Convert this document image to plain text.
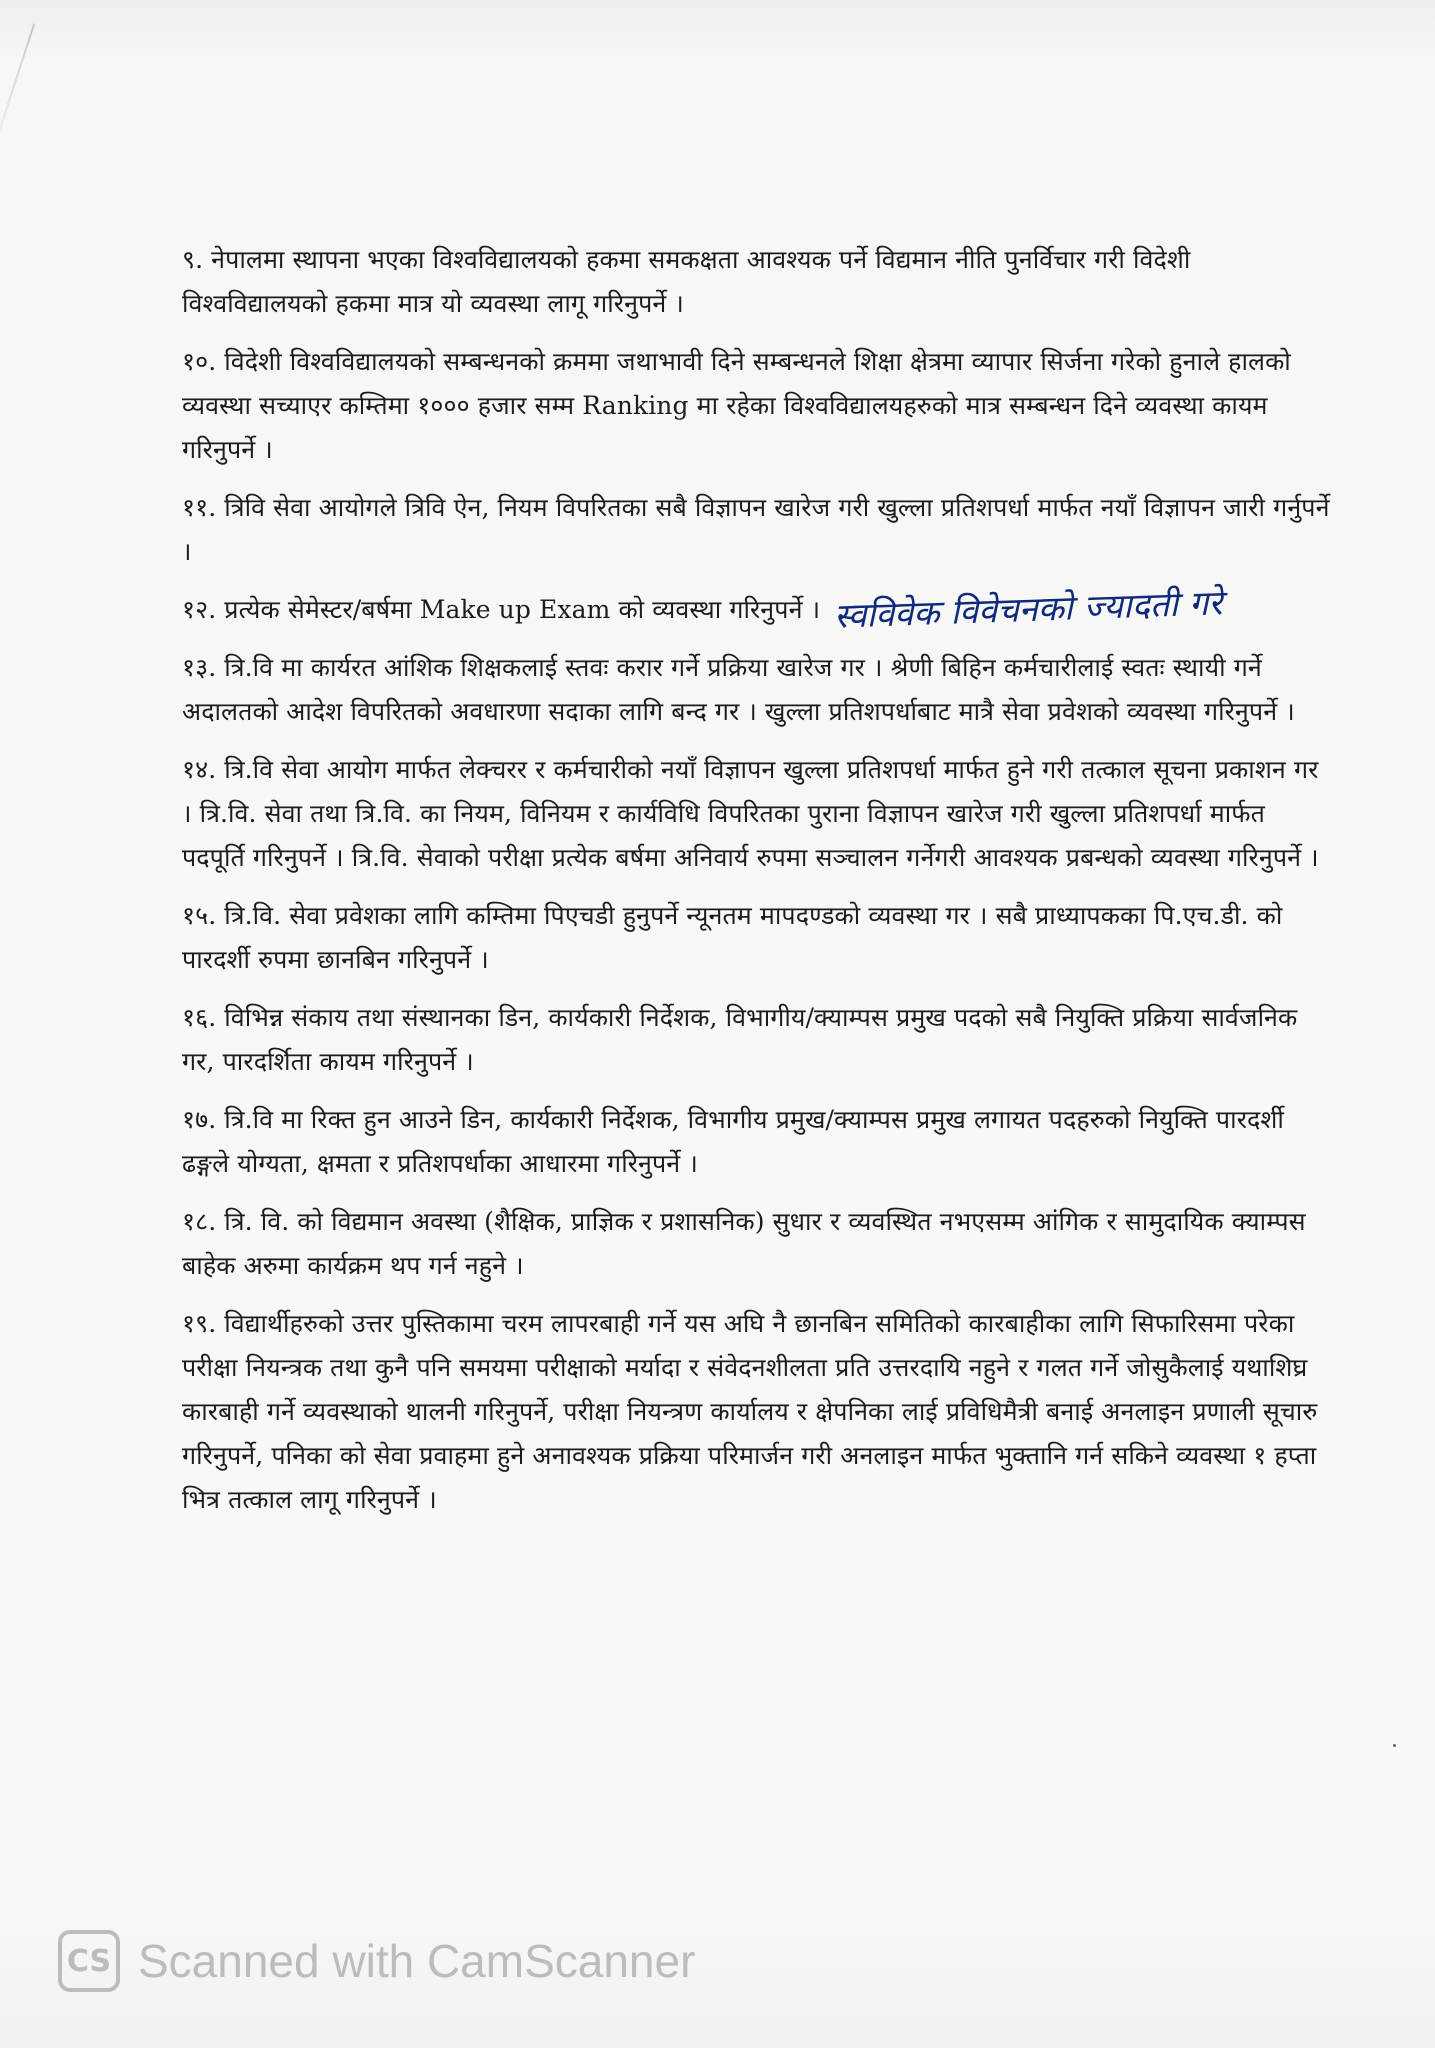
९. नेपालमा स्थापना भएका विश्वविद्यालयको हकमा समकक्षता आवश्यक पर्ने विद्यमान नीति पुनर्विचार गरी विदेशी विश्वविद्यालयको हकमा मात्र यो व्यवस्था लागू गरिनुपर्ने ।

१०. विदेशी विश्वविद्यालयको सम्बन्धनको क्रममा जथाभावी दिने सम्बन्धनले शिक्षा क्षेत्रमा व्यापार सिर्जना गरेको हुनाले हालको व्यवस्था सच्याएर कम्तिमा १००० हजार सम्म Ranking मा रहेका विश्वविद्यालयहरुको मात्र सम्बन्धन दिने व्यवस्था कायम गरिनुपर्ने ।

११. त्रिवि सेवा आयोगले त्रिवि ऐन, नियम विपरितका सबै विज्ञापन खारेज गरी खुल्ला प्रतिशपर्धा मार्फत नयाँ विज्ञापन जारी गर्नुपर्ने ।

१२. प्रत्येक सेमेस्टर/बर्षमा Make up Exam को व्यवस्था गरिनुपर्ने । स्वविवेक विवेचनको ज्यादती गरे

१३. त्रि.वि मा कार्यरत आंशिक शिक्षकलाई स्तवः करार गर्ने प्रक्रिया खारेज गर । श्रेणी बिहिन कर्मचारीलाई स्वतः स्थायी गर्ने अदालतको आदेश विपरितको अवधारणा सदाका लागि बन्द गर । खुल्ला प्रतिशपर्धाबाट मात्रै सेवा प्रवेशको व्यवस्था गरिनुपर्ने ।

१४. त्रि.वि सेवा आयोग मार्फत लेक्चरर र कर्मचारीको नयाँ विज्ञापन खुल्ला प्रतिशपर्धा मार्फत हुने गरी तत्काल सूचना प्रकाशन गर । त्रि.वि. सेवा तथा त्रि.वि. का नियम, विनियम र कार्यविधि विपरितका पुराना विज्ञापन खारेज गरी खुल्ला प्रतिशपर्धा मार्फत पदपूर्ति गरिनुपर्ने । त्रि.वि. सेवाको परीक्षा प्रत्येक बर्षमा अनिवार्य रुपमा सञ्चालन गर्नेगरी आवश्यक प्रबन्धको व्यवस्था गरिनुपर्ने ।

१५. त्रि.वि. सेवा प्रवेशका लागि कम्तिमा पिएचडी हुनुपर्ने न्यूनतम मापदण्डको व्यवस्था गर । सबै प्राध्यापकका पि.एच.डी. को पारदर्शी रुपमा छानबिन गरिनुपर्ने ।

१६. विभिन्न संकाय तथा संस्थानका डिन, कार्यकारी निर्देशक, विभागीय/क्याम्पस प्रमुख पदको सबै नियुक्ति प्रक्रिया सार्वजनिक गर, पारदर्शिता कायम गरिनुपर्ने ।

१७. त्रि.वि मा रिक्त हुन आउने डिन, कार्यकारी निर्देशक, विभागीय प्रमुख/क्याम्पस प्रमुख लगायत पदहरुको नियुक्ति पारदर्शी ढङ्गले योग्यता, क्षमता र प्रतिशपर्धाका आधारमा गरिनुपर्ने ।

१८. त्रि. वि. को विद्यमान अवस्था (शैक्षिक, प्राज्ञिक र प्रशासनिक) सुधार र व्यवस्थित नभएसम्म आंगिक र सामुदायिक क्याम्पस बाहेक अरुमा कार्यक्रम थप गर्न नहुने ।

१९. विद्यार्थीहरुको उत्तर पुस्तिकामा चरम लापरबाही गर्ने यस अघि नै छानबिन समितिको कारबाहीका लागि सिफारिसमा परेका परीक्षा नियन्त्रक तथा कुनै पनि समयमा परीक्षाको मर्यादा र संवेदनशीलता प्रति उत्तरदायि नहुने र गलत गर्ने जोसुकैलाई यथाशिघ्र कारबाही गर्ने व्यवस्थाको थालनी गरिनुपर्ने, परीक्षा नियन्त्रण कार्यालय र क्षेपनिका लाई प्रविधिमैत्री बनाई अनलाइन प्रणाली सूचारु गरिनुपर्ने, पनिका को सेवा प्रवाहमा हुने अनावश्यक प्रक्रिया परिमार्जन गरी अनलाइन मार्फत भुक्तानि गर्न सकिने व्यवस्था १ हप्ता भित्र तत्काल लागू गरिनुपर्ने ।

CS Scanned with CamScanner
